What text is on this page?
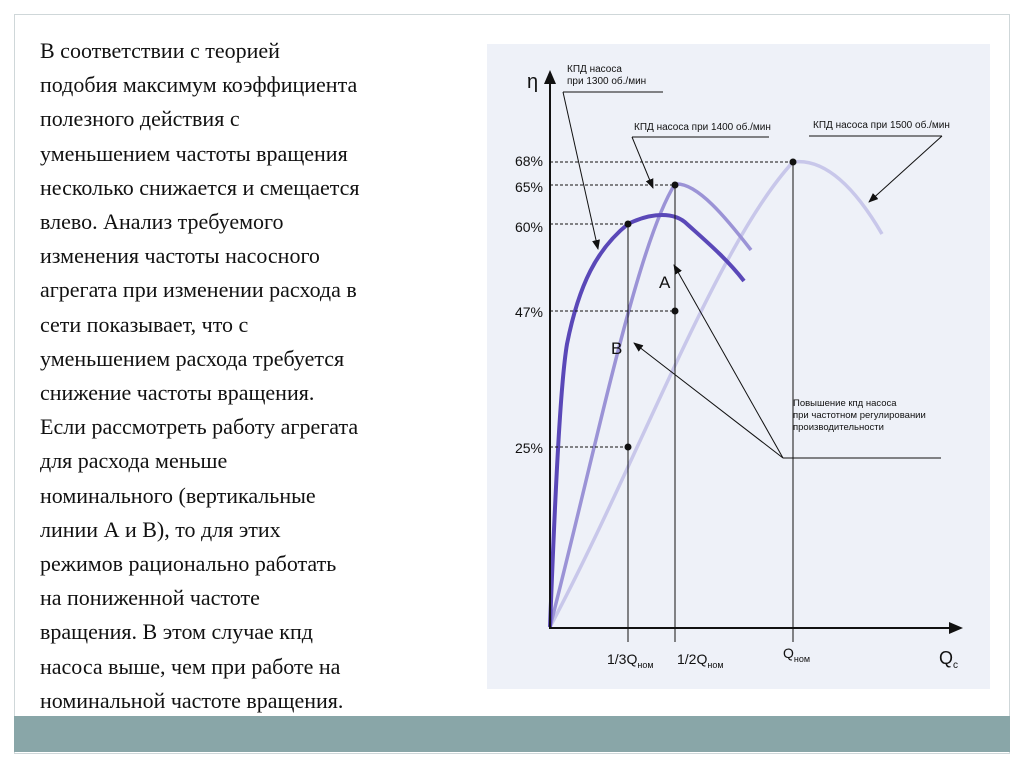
В соответствии с теорией
подобия максимум коэффициента
полезного действия с
уменьшением частоты вращения
несколько снижается и смещается
влево. Анализ требуемого
изменения частоты насосного
агрегата при изменении расхода в
сети показывает, что с
уменьшением расхода требуется
снижение частоты вращения.
Если рассмотреть работу агрегата
для расхода меньше
номинального (вертикальные
линии А и В), то для этих
режимов рационально работать
на пониженной частоте
вращения. В этом случае кпд
насоса выше, чем при работе на
номинальной частоте вращения.
η
$Q_с$
68%
65%
60%
47%
25%
$1/3Q_{ном}$ $1/2Q_{ном}$
$Q_{ном}$
А
В
КПД насоса
при 1300 об./мин
КПД насоса при 1400 об./мин	КПД насоса при 1500 об./мин
Повышение кпд насоса
при частотном регулировании
производительности
